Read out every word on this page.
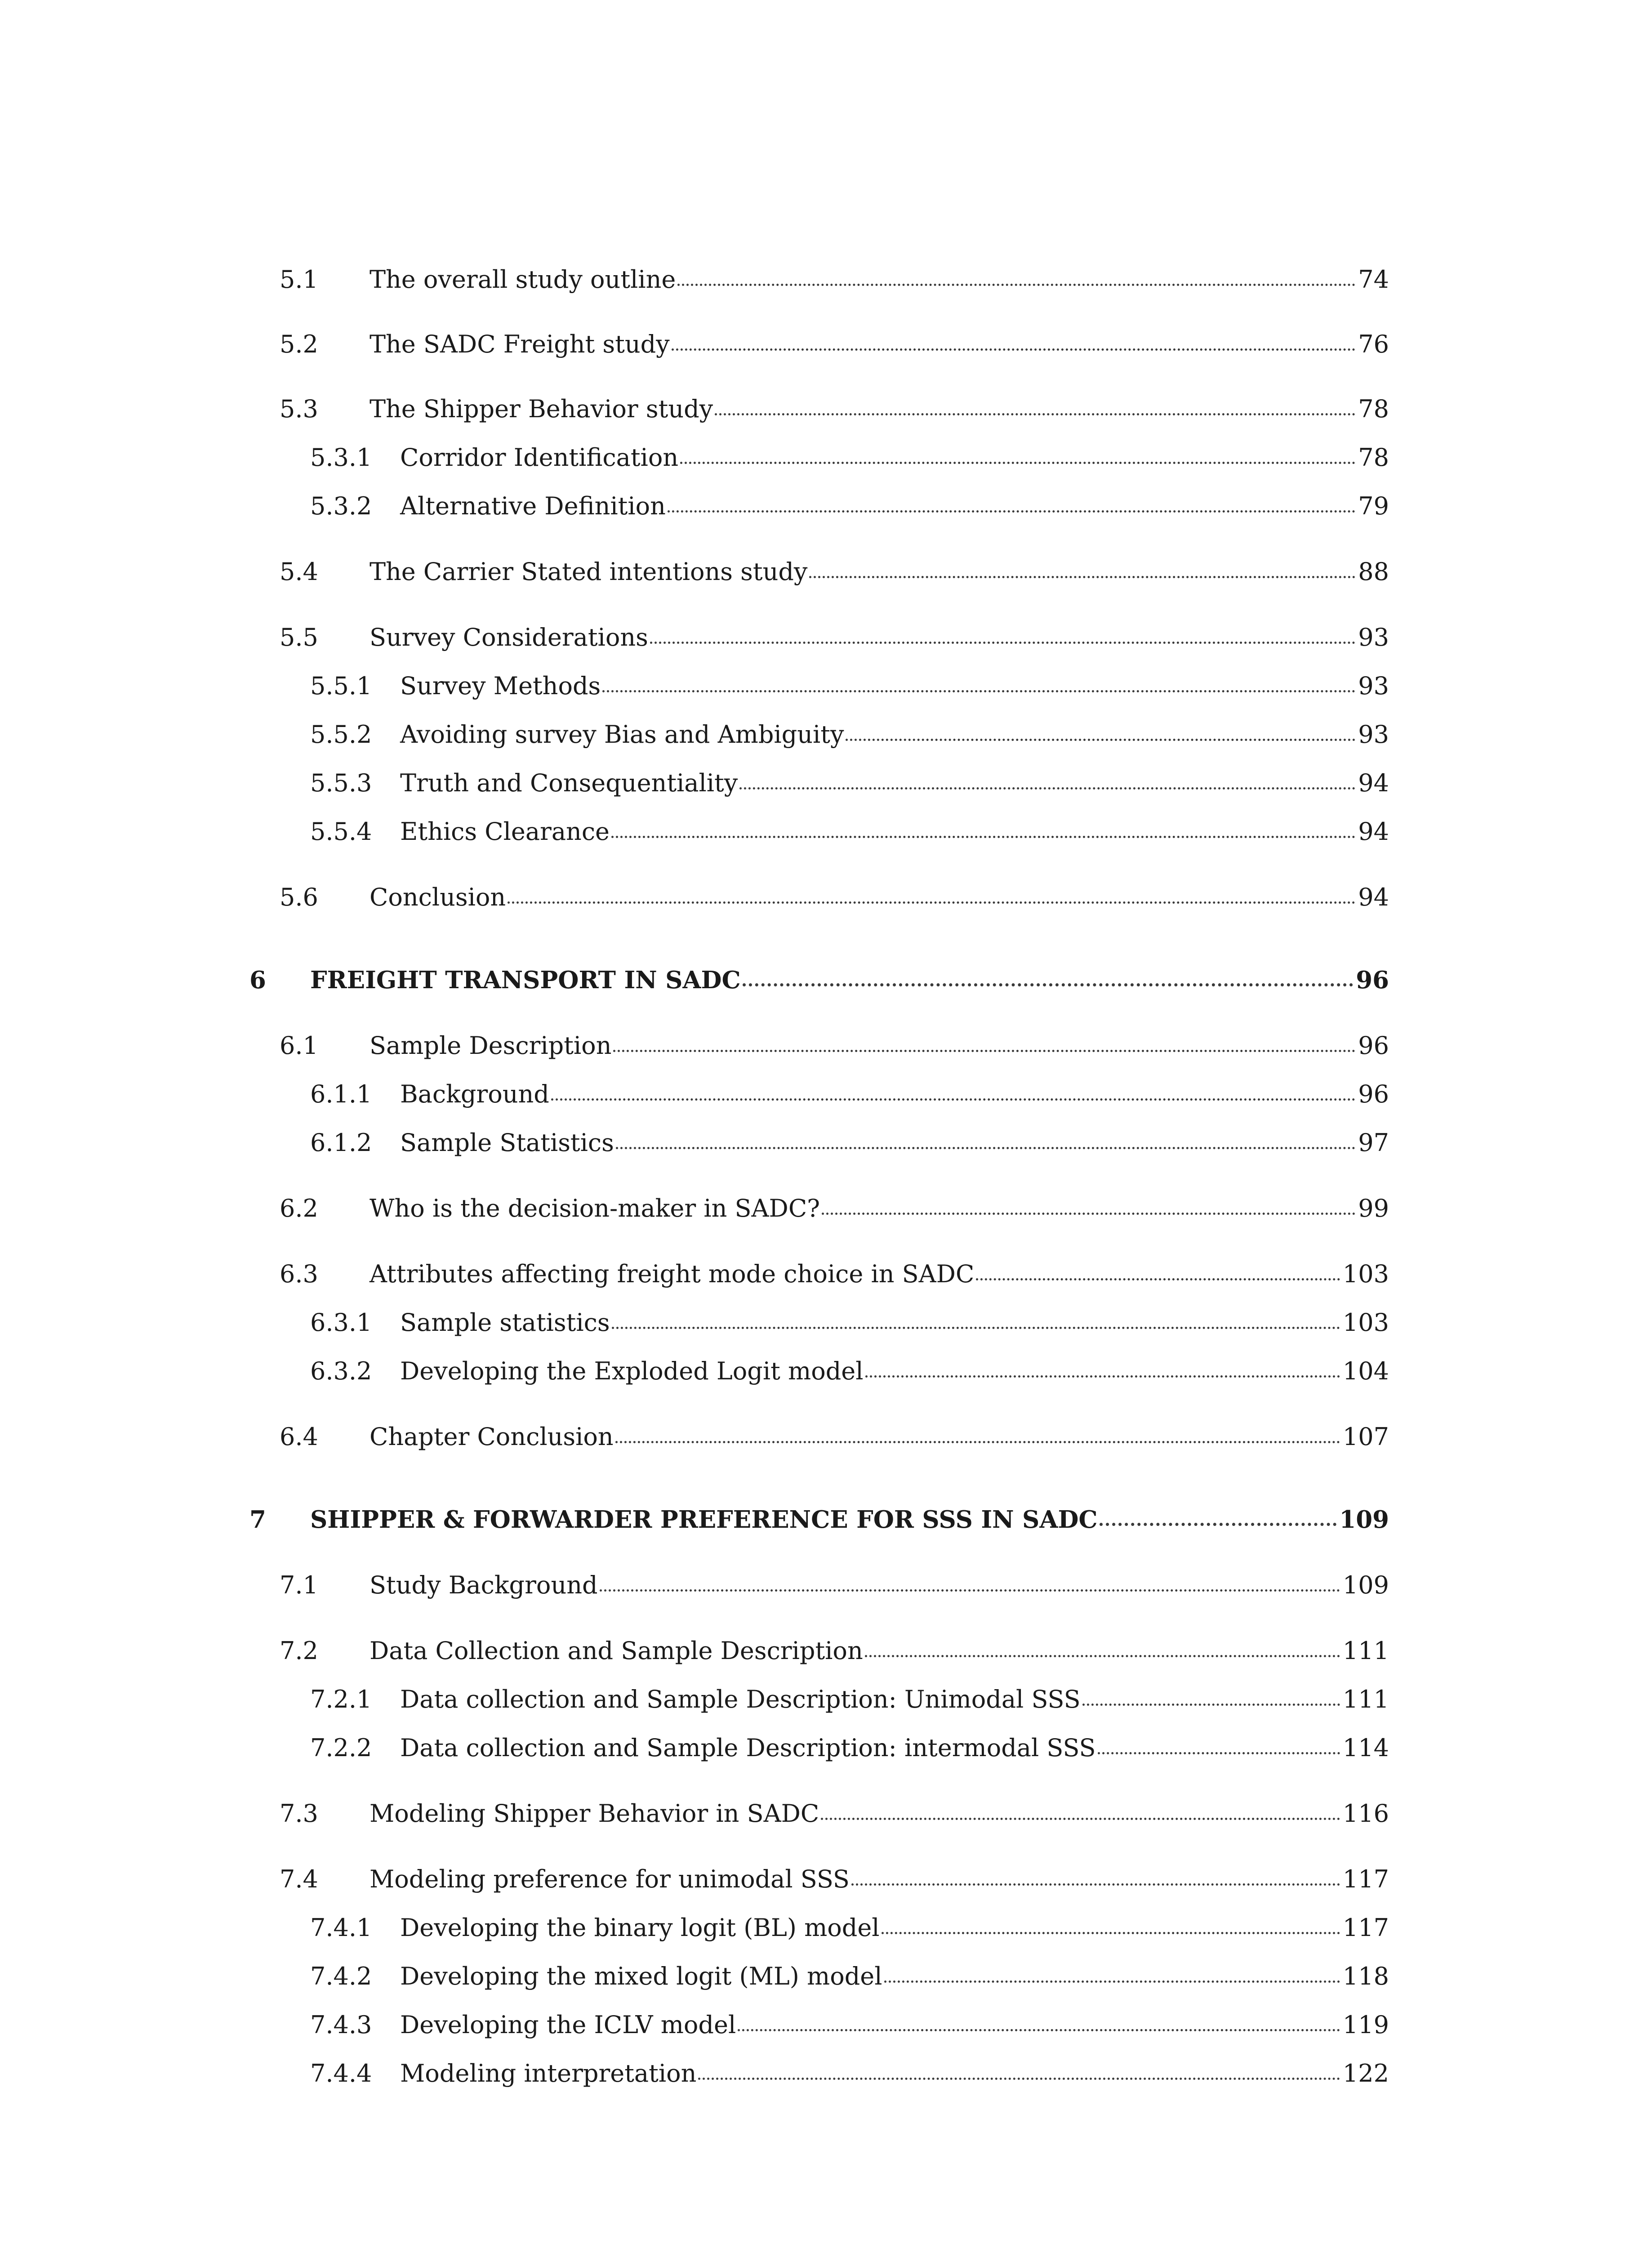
5.1 The overall study outline	74
5.2 The SADC Freight study	76
5.3 The Shipper Behavior study	78
5.3.1 Corridor Identification	78
5.3.2 Alternative Definition	79
5.4 The Carrier Stated intentions study	88
5.5 Survey Considerations	93
5.5.1 Survey Methods	93
5.5.2 Avoiding survey Bias and Ambiguity	93
5.5.3 Truth and Consequentiality	94
5.5.4 Ethics Clearance	94
5.6 Conclusion	94
6 FREIGHT TRANSPORT IN SADC	96
6.1 Sample Description	96
6.1.1 Background	96
6.1.2 Sample Statistics	97
6.2 Who is the decision-maker in SADC?	99
6.3 Attributes affecting freight mode choice in SADC	103
6.3.1 Sample statistics	103
6.3.2 Developing the Exploded Logit model	104
6.4 Chapter Conclusion	107
7 SHIPPER & FORWARDER PREFERENCE FOR SSS IN SADC	109
7.1 Study Background	109
7.2 Data Collection and Sample Description	111
7.2.1 Data collection and Sample Description: Unimodal SSS	111
7.2.2 Data collection and Sample Description: intermodal SSS	114
7.3 Modeling Shipper Behavior in SADC	116
7.4 Modeling preference for unimodal SSS	117
7.4.1 Developing the binary logit (BL) model	117
7.4.2 Developing the mixed logit (ML) model	118
7.4.3 Developing the ICLV model	119
7.4.4 Modeling interpretation	122
